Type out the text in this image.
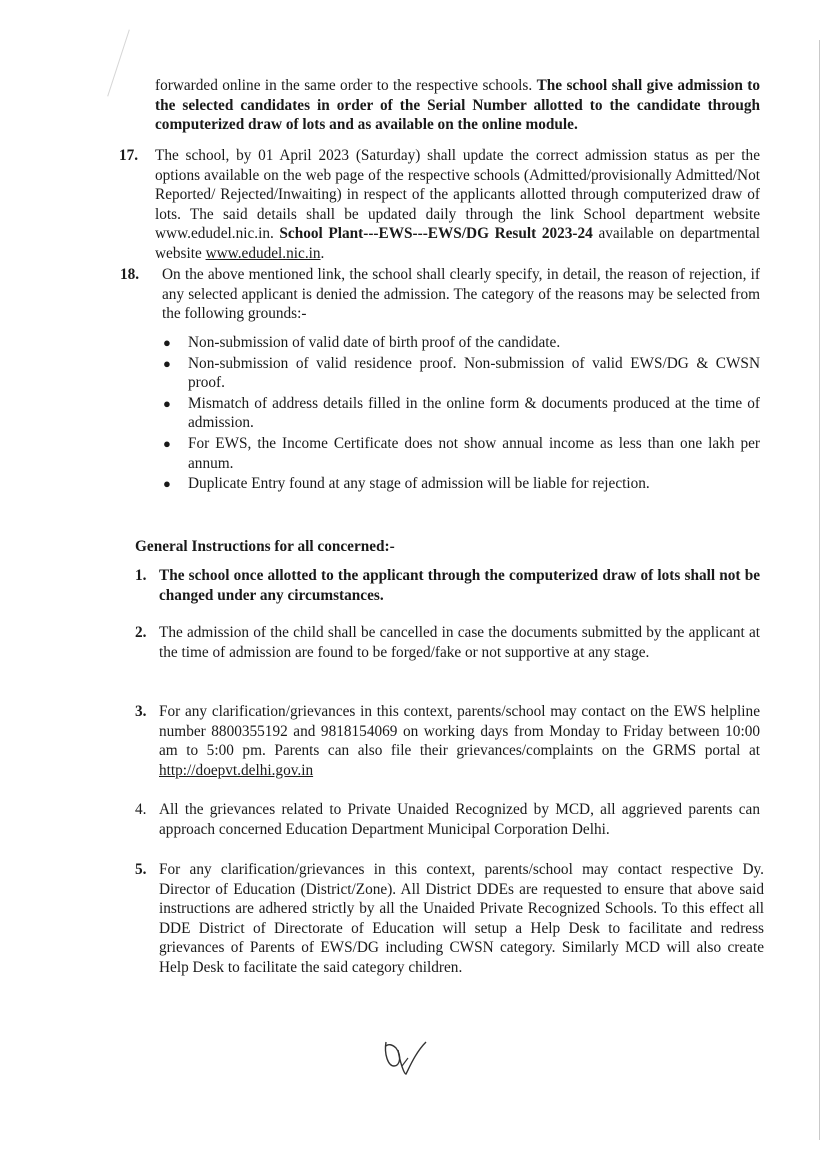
forwarded online in the same order to the respective schools. The school shall give admission to the selected candidates in order of the Serial Number allotted to the candidate through computerized draw of lots and as available on the online module.
17. The school, by 01 April 2023 (Saturday) shall update the correct admission status as per the options available on the web page of the respective schools (Admitted/provisionally Admitted/Not Reported/ Rejected/Inwaiting) in respect of the applicants allotted through computerized draw of lots. The said details shall be updated daily through the link School department website www.edudel.nic.in. School Plant---EWS---EWS/DG Result 2023-24 available on departmental website www.edudel.nic.in.
18. On the above mentioned link, the school shall clearly specify, in detail, the reason of rejection, if any selected applicant is denied the admission. The category of the reasons may be selected from the following grounds:-
● Non-submission of valid date of birth proof of the candidate.
● Non-submission of valid residence proof. Non-submission of valid EWS/DG & CWSN proof.
● Mismatch of address details filled in the online form & documents produced at the time of admission.
● For EWS, the Income Certificate does not show annual income as less than one lakh per annum.
● Duplicate Entry found at any stage of admission will be liable for rejection.
General Instructions for all concerned:-
1. The school once allotted to the applicant through the computerized draw of lots shall not be changed under any circumstances.
2. The admission of the child shall be cancelled in case the documents submitted by the applicant at the time of admission are found to be forged/fake or not supportive at any stage.
3. For any clarification/grievances in this context, parents/school may contact on the EWS helpline number 8800355192 and 9818154069 on working days from Monday to Friday between 10:00 am to 5:00 pm. Parents can also file their grievances/complaints on the GRMS portal at http://doepvt.delhi.gov.in
4. All the grievances related to Private Unaided Recognized by MCD, all aggrieved parents can approach concerned Education Department Municipal Corporation Delhi.
5. For any clarification/grievances in this context, parents/school may contact respective Dy. Director of Education (District/Zone). All District DDEs are requested to ensure that above said instructions are adhered strictly by all the Unaided Private Recognized Schools. To this effect all DDE District of Directorate of Education will setup a Help Desk to facilitate and redress grievances of Parents of EWS/DG including CWSN category. Similarly MCD will also create Help Desk to facilitate the said category children.
